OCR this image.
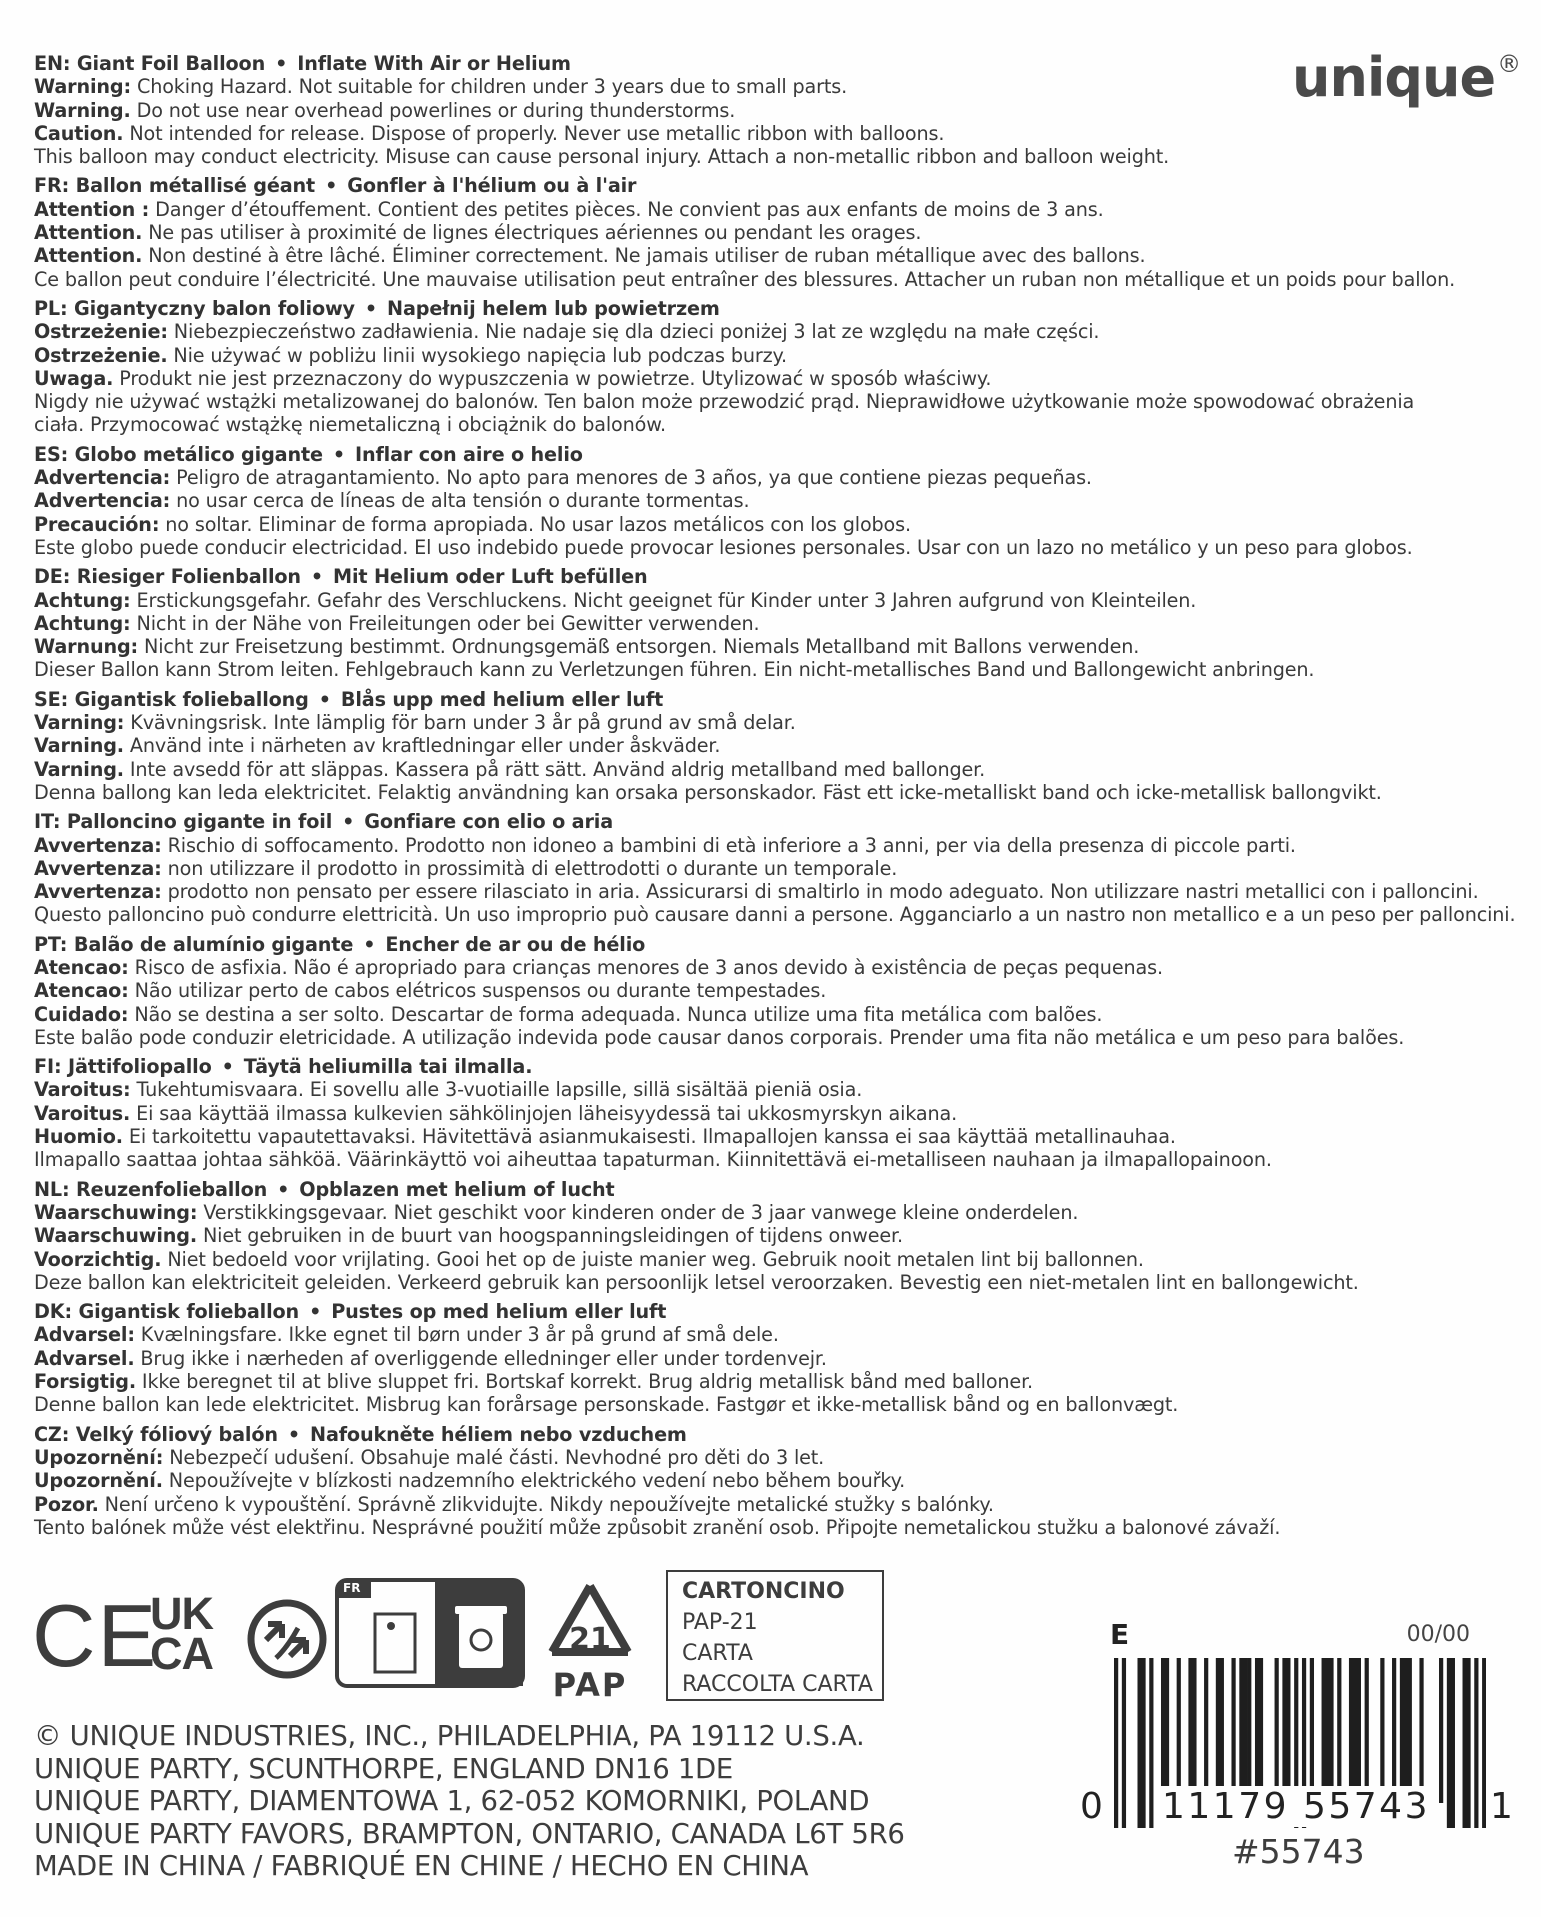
unique®
EN: Giant Foil Balloon • Inflate With Air or Helium
Warning: Choking Hazard. Not suitable for children under 3 years due to small parts.
Warning. Do not use near overhead powerlines or during thunderstorms.
Caution. Not intended for release. Dispose of properly. Never use metallic ribbon with balloons.
This balloon may conduct electricity. Misuse can cause personal injury. Attach a non-metallic ribbon and balloon weight.
FR: Ballon métallisé géant • Gonfler à l'hélium ou à l'air
Attention : Danger d’étouffement. Contient des petites pièces. Ne convient pas aux enfants de moins de 3 ans.
Attention. Ne pas utiliser à proximité de lignes électriques aériennes ou pendant les orages.
Attention. Non destiné à être lâché. Éliminer correctement. Ne jamais utiliser de ruban métallique avec des ballons.
Ce ballon peut conduire l’électricité. Une mauvaise utilisation peut entraîner des blessures. Attacher un ruban non métallique et un poids pour ballon.
PL: Gigantyczny balon foliowy • Napełnij helem lub powietrzem
Ostrzeżenie: Niebezpieczeństwo zadławienia. Nie nadaje się dla dzieci poniżej 3 lat ze względu na małe części.
Ostrzeżenie. Nie używać w pobliżu linii wysokiego napięcia lub podczas burzy.
Uwaga. Produkt nie jest przeznaczony do wypuszczenia w powietrze. Utylizować w sposób właściwy.
Nigdy nie używać wstążki metalizowanej do balonów. Ten balon może przewodzić prąd. Nieprawidłowe użytkowanie może spowodować obrażenia
ciała. Przymocować wstążkę niemetaliczną i obciążnik do balonów.
ES: Globo metálico gigante • Inflar con aire o helio
Advertencia: Peligro de atragantamiento. No apto para menores de 3 años, ya que contiene piezas pequeñas.
Advertencia: no usar cerca de líneas de alta tensión o durante tormentas.
Precaución: no soltar. Eliminar de forma apropiada. No usar lazos metálicos con los globos.
Este globo puede conducir electricidad. El uso indebido puede provocar lesiones personales. Usar con un lazo no metálico y un peso para globos.
DE: Riesiger Folienballon • Mit Helium oder Luft befüllen
Achtung: Erstickungsgefahr. Gefahr des Verschluckens. Nicht geeignet für Kinder unter 3 Jahren aufgrund von Kleinteilen.
Achtung: Nicht in der Nähe von Freileitungen oder bei Gewitter verwenden.
Warnung: Nicht zur Freisetzung bestimmt. Ordnungsgemäß entsorgen. Niemals Metallband mit Ballons verwenden.
Dieser Ballon kann Strom leiten. Fehlgebrauch kann zu Verletzungen führen. Ein nicht-metallisches Band und Ballongewicht anbringen.
SE: Gigantisk folieballong • Blås upp med helium eller luft
Varning: Kvävningsrisk. Inte lämplig för barn under 3 år på grund av små delar.
Varning. Använd inte i närheten av kraftledningar eller under åskväder.
Varning. Inte avsedd för att släppas. Kassera på rätt sätt. Använd aldrig metallband med ballonger.
Denna ballong kan leda elektricitet. Felaktig användning kan orsaka personskador. Fäst ett icke-metalliskt band och icke-metallisk ballongvikt.
IT: Palloncino gigante in foil • Gonfiare con elio o aria
Avvertenza: Rischio di soffocamento. Prodotto non idoneo a bambini di età inferiore a 3 anni, per via della presenza di piccole parti.
Avvertenza: non utilizzare il prodotto in prossimità di elettrodotti o durante un temporale.
Avvertenza: prodotto non pensato per essere rilasciato in aria. Assicurarsi di smaltirlo in modo adeguato. Non utilizzare nastri metallici con i palloncini.
Questo palloncino può condurre elettricità. Un uso improprio può causare danni a persone. Agganciarlo a un nastro non metallico e a un peso per palloncini.
PT: Balão de alumínio gigante • Encher de ar ou de hélio
Atencao: Risco de asfixia. Não é apropriado para crianças menores de 3 anos devido à existência de peças pequenas.
Atencao: Não utilizar perto de cabos elétricos suspensos ou durante tempestades.
Cuidado: Não se destina a ser solto. Descartar de forma adequada. Nunca utilize uma fita metálica com balões.
Este balão pode conduzir eletricidade. A utilização indevida pode causar danos corporais. Prender uma fita não metálica e um peso para balões.
FI: Jättifoliopallo • Täytä heliumilla tai ilmalla.
Varoitus: Tukehtumisvaara. Ei sovellu alle 3-vuotiaille lapsille, sillä sisältää pieniä osia.
Varoitus. Ei saa käyttää ilmassa kulkevien sähkölinjojen läheisyydessä tai ukkosmyrskyn aikana.
Huomio. Ei tarkoitettu vapautettavaksi. Hävitettävä asianmukaisesti. Ilmapallojen kanssa ei saa käyttää metallinauhaa.
Ilmapallo saattaa johtaa sähköä. Väärinkäyttö voi aiheuttaa tapaturman. Kiinnitettävä ei-metalliseen nauhaan ja ilmapallopainoon.
NL: Reuzenfolieballon • Opblazen met helium of lucht
Waarschuwing: Verstikkingsgevaar. Niet geschikt voor kinderen onder de 3 jaar vanwege kleine onderdelen.
Waarschuwing. Niet gebruiken in de buurt van hoogspanningsleidingen of tijdens onweer.
Voorzichtig. Niet bedoeld voor vrijlating. Gooi het op de juiste manier weg. Gebruik nooit metalen lint bij ballonnen.
Deze ballon kan elektriciteit geleiden. Verkeerd gebruik kan persoonlijk letsel veroorzaken. Bevestig een niet-metalen lint en ballongewicht.
DK: Gigantisk folieballon • Pustes op med helium eller luft
Advarsel: Kvælningsfare. Ikke egnet til børn under 3 år på grund af små dele.
Advarsel. Brug ikke i nærheden af overliggende elledninger eller under tordenvejr.
Forsigtig. Ikke beregnet til at blive sluppet fri. Bortskaf korrekt. Brug aldrig metallisk bånd med balloner.
Denne ballon kan lede elektricitet. Misbrug kan forårsage personskade. Fastgør et ikke-metallisk bånd og en ballonvægt.
CZ: Velký fóliový balón • Nafoukněte héliem nebo vzduchem
Upozornění: Nebezpečí udušení. Obsahuje malé části. Nevhodné pro děti do 3 let.
Upozornění. Nepoužívejte v blízkosti nadzemního elektrického vedení nebo během bouřky.
Pozor. Není určeno k vypouštění. Správně zlikvidujte. Nikdy nepoužívejte metalické stužky s balónky.
Tento balónek může vést elektřinu. Nesprávné použití může způsobit zranění osob. Připojte nemetalickou stužku a balonové závaží.
CE
UK
CA	21
PAP
FR	CARTONCINO
PAP-21
CARTA
RACCOLTA CARTA
© UNIQUE INDUSTRIES, INC., PHILADELPHIA, PA 19112 U.S.A.
UNIQUE PARTY, SCUNTHORPE, ENGLAND DN16 1DE
UNIQUE PARTY, DIAMENTOWA 1, 62-052 KOMORNIKI, POLAND
UNIQUE PARTY FAVORS, BRAMPTON, ONTARIO, CANADA L6T 5R6
MADE IN CHINA / FABRIQUÉ EN CHINE / HECHO EN CHINA
E	00/00
0 11179 55743 1
#55743
